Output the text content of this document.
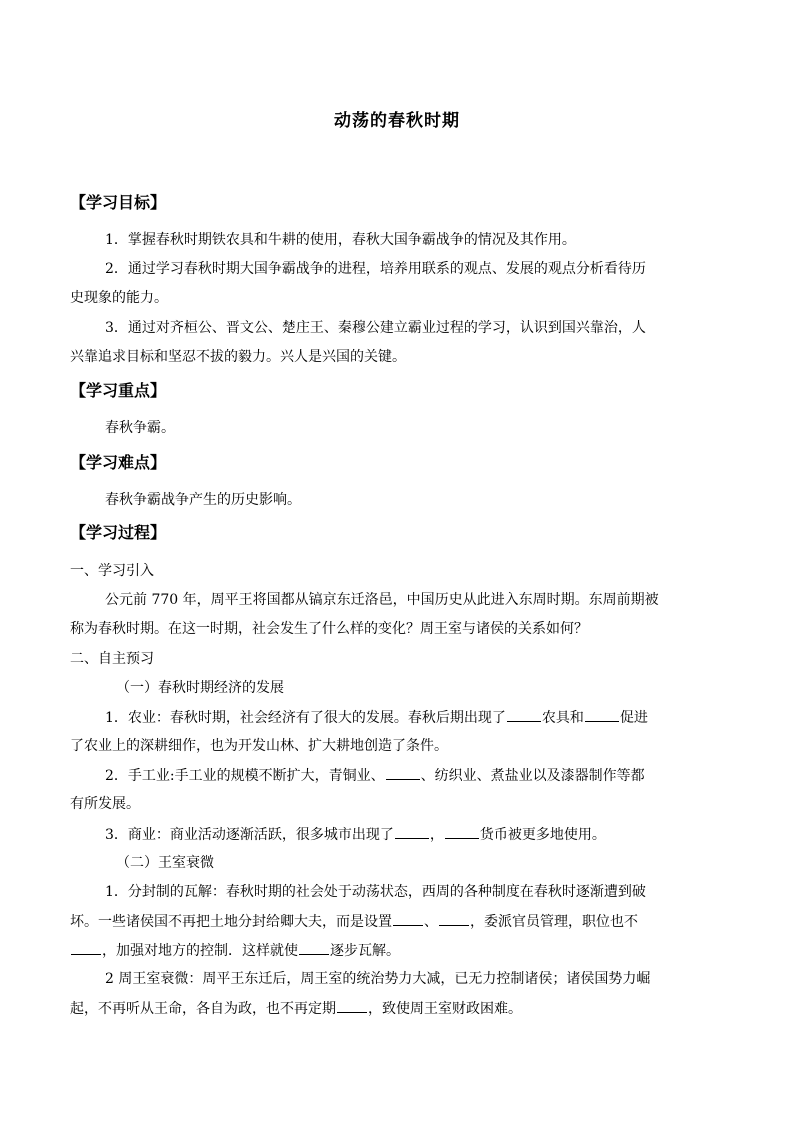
动荡的春秋时期
【学习目标】
1．掌握春秋时期铁农具和牛耕的使用，春秋大国争霸战争的情况及其作用。
2．通过学习春秋时期大国争霸战争的进程，培养用联系的观点、发展的观点分析看待历
史现象的能力。
3．通过对齐桓公、晋文公、楚庄王、秦穆公建立霸业过程的学习，认识到国兴靠治，人
兴靠追求目标和坚忍不拔的毅力。兴人是兴国的关键。
【学习重点】
春秋争霸。
【学习难点】
春秋争霸战争产生的历史影响。
【学习过程】
一、学习引入
公元前 770 年，周平王将国都从镐京东迁洛邑，中国历史从此进入东周时期。东周前期被
称为春秋时期。在这一时期，社会发生了什么样的变化？周王室与诸侯的关系如何？
二、自主预习
（一）春秋时期经济的发展
1．农业：春秋时期，社会经济有了很大的发展。春秋后期出现了	农具和	促进
了农业上的深耕细作，也为开发山林、扩大耕地创造了条件。
2．手工业:手工业的规模不断扩大，青铜业、	、纺织业、煮盐业以及漆器制作等都
有所发展。
3．商业：商业活动逐渐活跃，很多城市出现了	，	货币被更多地使用。
（二）王室衰微
1．分封制的瓦解：春秋时期的社会处于动荡状态，西周的各种制度在春秋时逐渐遭到破
坏。一些诸侯国不再把土地分封给卿大夫，而是设置 、 ，委派官员管理，职位也不
，加强对地方的控制．这样就使 逐步瓦解。
2 周王室衰微：周平王东迁后，周王室的统治势力大减，已无力控制诸侯；诸侯国势力崛
起，不再听从王命，各自为政，也不再定期 ，致使周王室财政困难。
